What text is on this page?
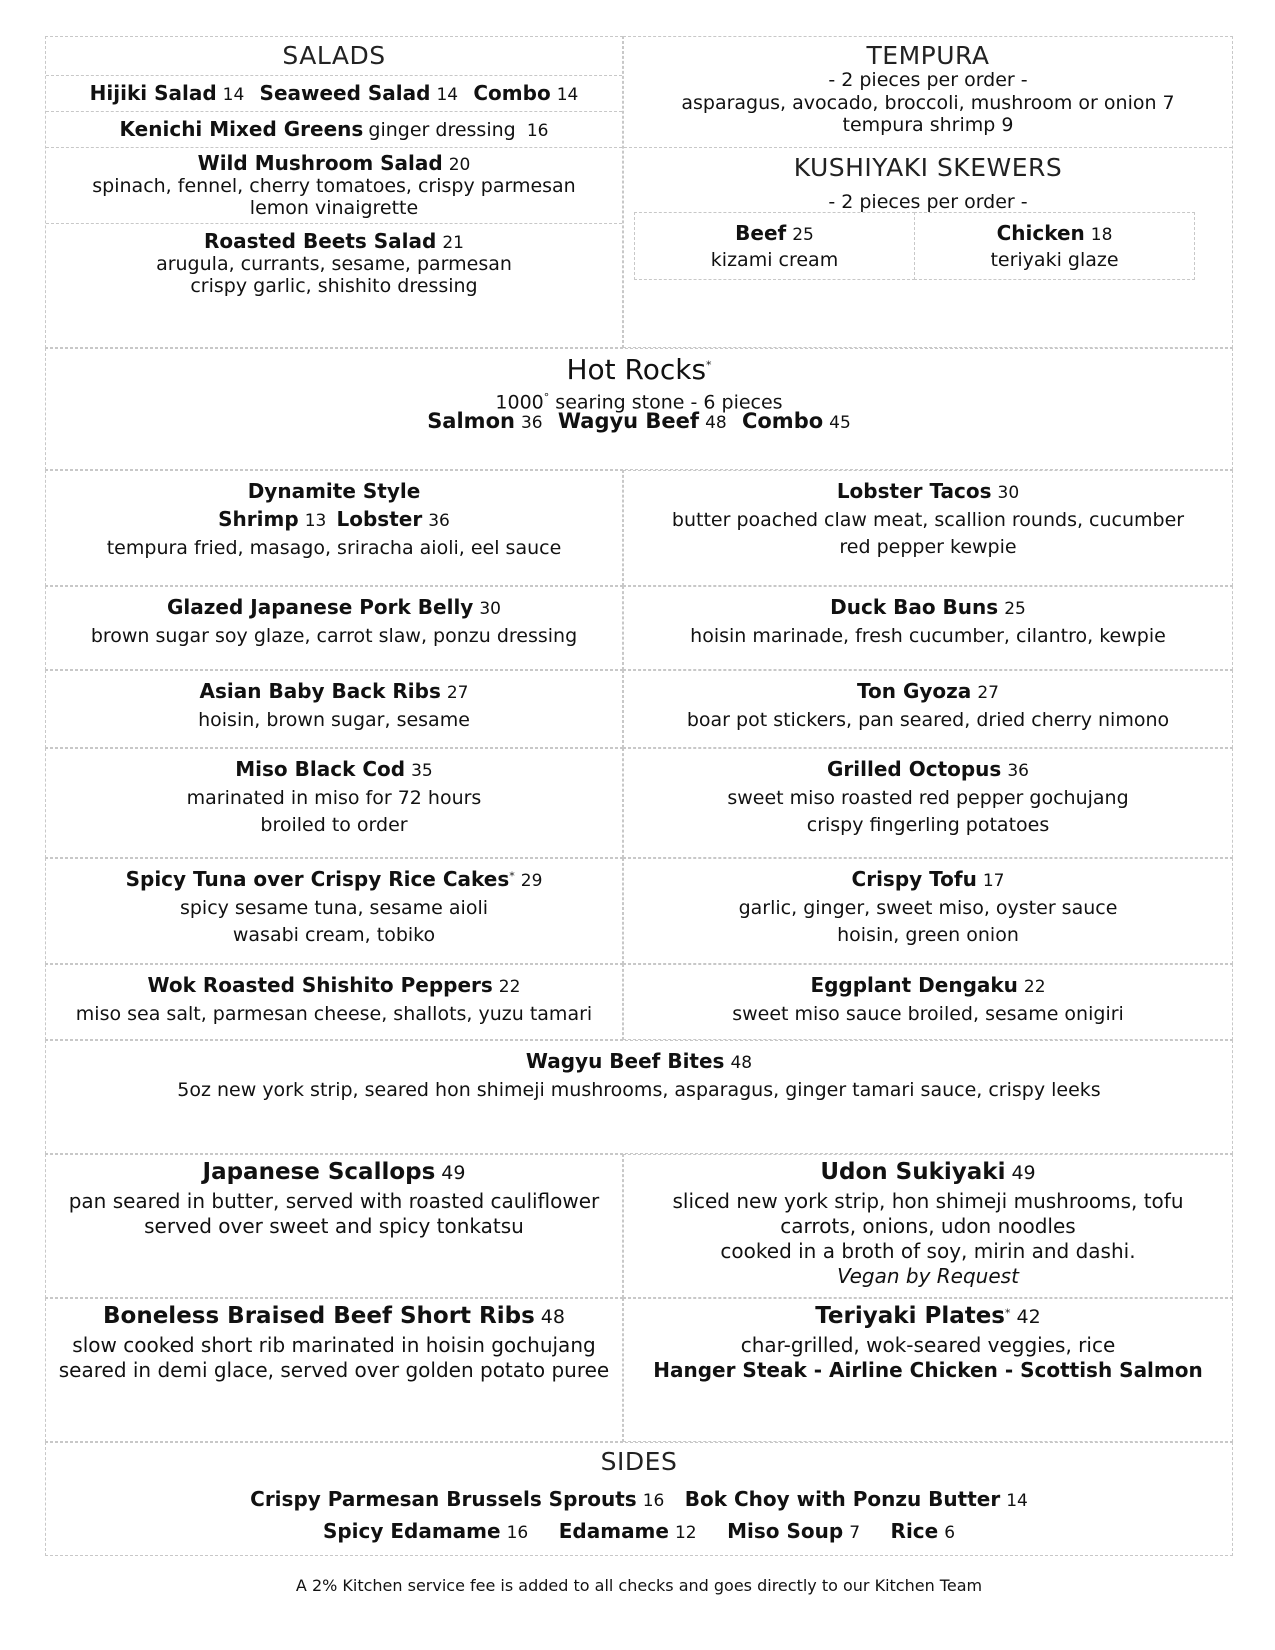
SALADS
Hijiki Salad 14 Seaweed Salad 14 Combo 14
Kenichi Mixed Greens ginger dressing 16
Wild Mushroom Salad 20
spinach, fennel, cherry tomatoes, crispy parmesan
lemon vinaigrette
Roasted Beets Salad 21
arugula, currants, sesame, parmesan
crispy garlic, shishito dressing
TEMPURA
- 2 pieces per order -
asparagus, avocado, broccoli, mushroom or onion 7
tempura shrimp 9
KUSHIYAKI SKEWERS
- 2 pieces per order -
Beef 25
kizami cream
Chicken 18
teriyaki glaze
Hot Rocks*
1000° searing stone - 6 pieces
Salmon 36 Wagyu Beef 48 Combo 45
Dynamite Style
Shrimp 13 Lobster 36
tempura fried, masago, sriracha aioli, eel sauce
Lobster Tacos 30
butter poached claw meat, scallion rounds, cucumber
red pepper kewpie
Glazed Japanese Pork Belly 30
brown sugar soy glaze, carrot slaw, ponzu dressing
Duck Bao Buns 25
hoisin marinade, fresh cucumber, cilantro, kewpie
Asian Baby Back Ribs 27
hoisin, brown sugar, sesame
Ton Gyoza 27
boar pot stickers, pan seared, dried cherry nimono
Miso Black Cod 35
marinated in miso for 72 hours
broiled to order
Grilled Octopus 36
sweet miso roasted red pepper gochujang
crispy fingerling potatoes
Spicy Tuna over Crispy Rice Cakes* 29
spicy sesame tuna, sesame aioli
wasabi cream, tobiko
Crispy Tofu 17
garlic, ginger, sweet miso, oyster sauce
hoisin, green onion
Wok Roasted Shishito Peppers 22
miso sea salt, parmesan cheese, shallots, yuzu tamari
Eggplant Dengaku 22
sweet miso sauce broiled, sesame onigiri
Wagyu Beef Bites 48
5oz new york strip, seared hon shimeji mushrooms, asparagus, ginger tamari sauce, crispy leeks
Japanese Scallops 49
pan seared in butter, served with roasted cauliflower
served over sweet and spicy tonkatsu
Udon Sukiyaki 49
sliced new york strip, hon shimeji mushrooms, tofu
carrots, onions, udon noodles
cooked in a broth of soy, mirin and dashi.
Vegan by Request
Boneless Braised Beef Short Ribs 48
slow cooked short rib marinated in hoisin gochujang
seared in demi glace, served over golden potato puree
Teriyaki Plates* 42
char-grilled, wok-seared veggies, rice
Hanger Steak - Airline Chicken - Scottish Salmon
SIDES
Crispy Parmesan Brussels Sprouts 16 Bok Choy with Ponzu Butter 14
Spicy Edamame 16 Edamame 12 Miso Soup 7 Rice 6
A 2% Kitchen service fee is added to all checks and goes directly to our Kitchen Team
